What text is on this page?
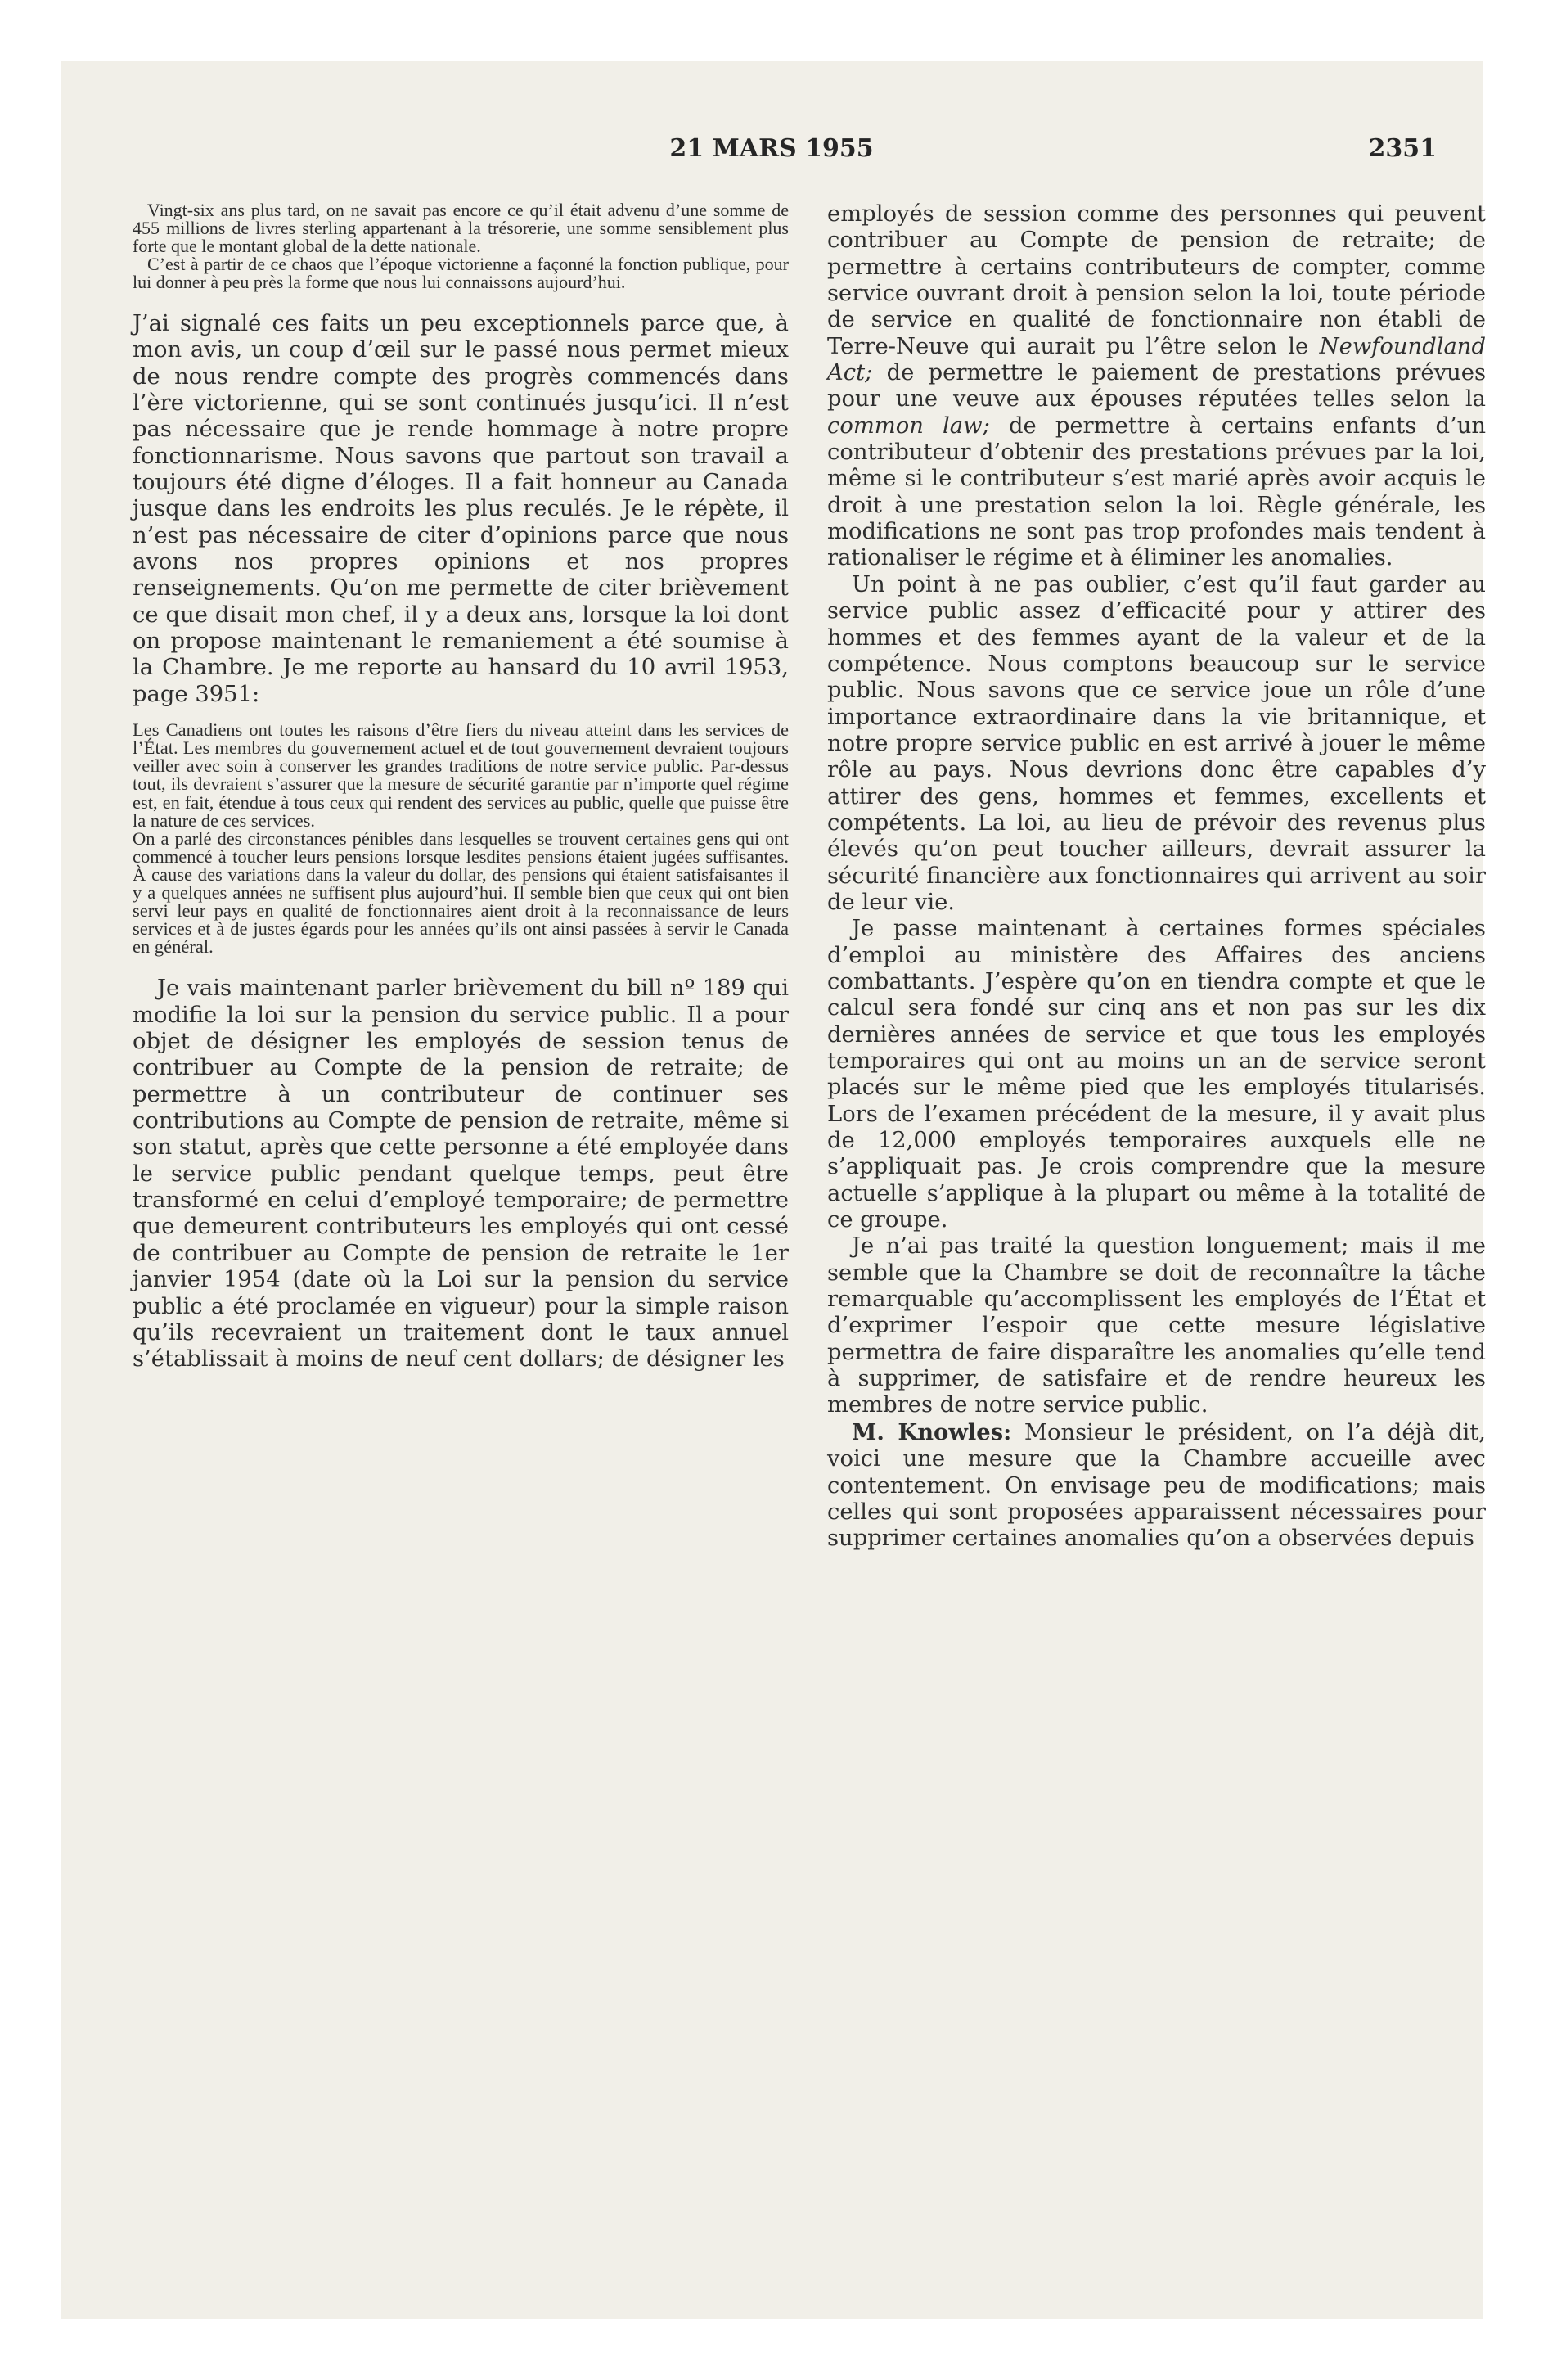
21 MARS 1955	2351

Vingt-six ans plus tard, on ne savait pas encore ce qu’il était advenu d’une somme de 455 millions de livres sterling appartenant à la trésorerie, une somme sensiblement plus forte que le montant global de la dette nationale.

C’est à partir de ce chaos que l’époque victorienne a façonné la fonction publique, pour lui donner à peu près la forme que nous lui connaissons aujourd’hui.

J’ai signalé ces faits un peu exceptionnels parce que, à mon avis, un coup d’œil sur le passé nous permet mieux de nous rendre compte des progrès commencés dans l’ère victorienne, qui se sont continués jusqu’ici. Il n’est pas nécessaire que je rende hommage à notre propre fonctionnarisme. Nous savons que partout son travail a toujours été digne d’éloges. Il a fait honneur au Canada jusque dans les endroits les plus reculés. Je le répète, il n’est pas nécessaire de citer d’opinions parce que nous avons nos propres opinions et nos propres renseignements. Qu’on me permette de citer brièvement ce que disait mon chef, il y a deux ans, lorsque la loi dont on propose maintenant le remaniement a été soumise à la Chambre. Je me reporte au hansard du 10 avril 1953, page 3951:

Les Canadiens ont toutes les raisons d’être fiers du niveau atteint dans les services de l’État. Les membres du gouvernement actuel et de tout gouvernement devraient toujours veiller avec soin à conserver les grandes traditions de notre service public. Par-dessus tout, ils devraient s’assurer que la mesure de sécurité garantie par n’importe quel régime est, en fait, étendue à tous ceux qui rendent des services au public, quelle que puisse être la nature de ces services.

On a parlé des circonstances pénibles dans lesquelles se trouvent certaines gens qui ont commencé à toucher leurs pensions lorsque lesdites pensions étaient jugées suffisantes. À cause des variations dans la valeur du dollar, des pensions qui étaient satisfaisantes il y a quelques années ne suffisent plus aujourd’hui. Il semble bien que ceux qui ont bien servi leur pays en qualité de fonctionnaires aient droit à la reconnaissance de leurs services et à de justes égards pour les années qu’ils ont ainsi passées à servir le Canada en général.

Je vais maintenant parler brièvement du bill nº 189 qui modifie la loi sur la pension du service public. Il a pour objet de désigner les employés de session tenus de contribuer au Compte de la pension de retraite; de permettre à un contributeur de continuer ses contributions au Compte de pension de retraite, même si son statut, après que cette personne a été employée dans le service public pendant quelque temps, peut être transformé en celui d’employé temporaire; de permettre que demeurent contributeurs les employés qui ont cessé de contribuer au Compte de pension de retraite le 1er janvier 1954 (date où la Loi sur la pension du service public a été proclamée en vigueur) pour la simple raison qu’ils recevraient un traitement dont le taux annuel s’établissait à moins de neuf cent dollars; de désigner les

employés de session comme des personnes qui peuvent contribuer au Compte de pension de retraite; de permettre à certains contributeurs de compter, comme service ouvrant droit à pension selon la loi, toute période de service en qualité de fonctionnaire non établi de Terre-Neuve qui aurait pu l’être selon le Newfoundland Act; de permettre le paiement de prestations prévues pour une veuve aux épouses réputées telles selon la common law; de permettre à certains enfants d’un contributeur d’obtenir des prestations prévues par la loi, même si le contributeur s’est marié après avoir acquis le droit à une prestation selon la loi. Règle générale, les modifications ne sont pas trop profondes mais tendent à rationaliser le régime et à éliminer les anomalies.

Un point à ne pas oublier, c’est qu’il faut garder au service public assez d’efficacité pour y attirer des hommes et des femmes ayant de la valeur et de la compétence. Nous comptons beaucoup sur le service public. Nous savons que ce service joue un rôle d’une importance extraordinaire dans la vie britannique, et notre propre service public en est arrivé à jouer le même rôle au pays. Nous devrions donc être capables d’y attirer des gens, hommes et femmes, excellents et compétents. La loi, au lieu de prévoir des revenus plus élevés qu’on peut toucher ailleurs, devrait assurer la sécurité financière aux fonctionnaires qui arrivent au soir de leur vie.

Je passe maintenant à certaines formes spéciales d’emploi au ministère des Affaires des anciens combattants. J’espère qu’on en tiendra compte et que le calcul sera fondé sur cinq ans et non pas sur les dix dernières années de service et que tous les employés temporaires qui ont au moins un an de service seront placés sur le même pied que les employés titularisés. Lors de l’examen précédent de la mesure, il y avait plus de 12,000 employés temporaires auxquels elle ne s’appliquait pas. Je crois comprendre que la mesure actuelle s’applique à la plupart ou même à la totalité de ce groupe.

Je n’ai pas traité la question longuement; mais il me semble que la Chambre se doit de reconnaître la tâche remarquable qu’accomplissent les employés de l’État et d’exprimer l’espoir que cette mesure législative permettra de faire disparaître les anomalies qu’elle tend à supprimer, de satisfaire et de rendre heureux les membres de notre service public.

M. Knowles: Monsieur le président, on l’a déjà dit, voici une mesure que la Chambre accueille avec contentement. On envisage peu de modifications; mais celles qui sont proposées apparaissent nécessaires pour supprimer certaines anomalies qu’on a observées depuis
